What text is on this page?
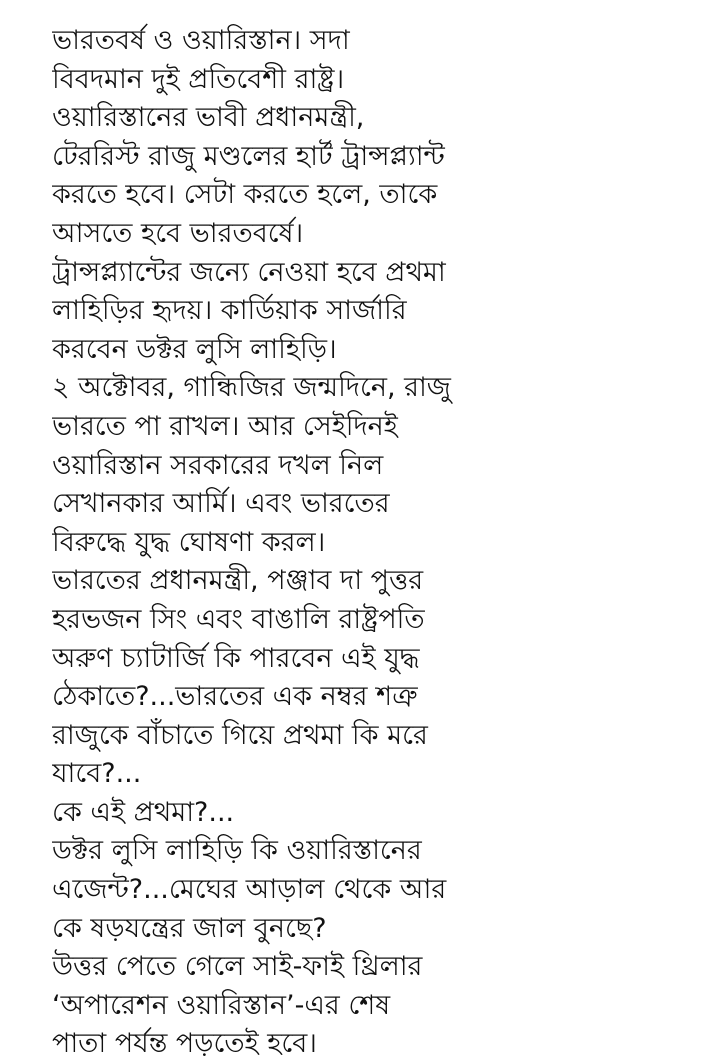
ভারতবর্ষ ও ওয়ারিস্তান। সদা
বিবদমান দুই প্রতিবেশী রাষ্ট্র।
ওয়ারিস্তানের ভাবী প্রধানমন্ত্রী,
টেররিস্ট রাজু মণ্ডলের হার্ট ট্রান্সপ্ল্যান্ট
করতে হবে। সেটা করতে হলে, তাকে
আসতে হবে ভারতবর্ষে।
ট্রান্সপ্ল্যান্টের জন্যে নেওয়া হবে প্রথমা
লাহিড়ির হৃদয়। কার্ডিয়াক সার্জারি
করবেন ডক্টর লুসি লাহিড়ি।
২ অক্টোবর, গান্ধিজির জন্মদিনে, রাজু
ভারতে পা রাখল। আর সেইদিনই
ওয়ারিস্তান সরকারের দখল নিল
সেখানকার আর্মি। এবং ভারতের
বিরুদ্ধে যুদ্ধ ঘোষণা করল।
ভারতের প্রধানমন্ত্রী, পঞ্জাব দা পুত্তর
হরভজন সিং এবং বাঙালি রাষ্ট্রপতি
অরুণ চ্যাটার্জি কি পারবেন এই যুদ্ধ
ঠেকাতে?...ভারতের এক নম্বর শত্রু
রাজুকে বাঁচাতে গিয়ে প্রথমা কি মরে
যাবে?...
কে এই প্রথমা?...
ডক্টর লুসি লাহিড়ি কি ওয়ারিস্তানের
এজেন্ট?...মেঘের আড়াল থেকে আর
কে ষড়যন্ত্রের জাল বুনছে?
উত্তর পেতে গেলে সাই-ফাই থ্রিলার
‘অপারেশন ওয়ারিস্তান’-এর শেষ
পাতা পর্যন্ত পড়তেই হবে।
